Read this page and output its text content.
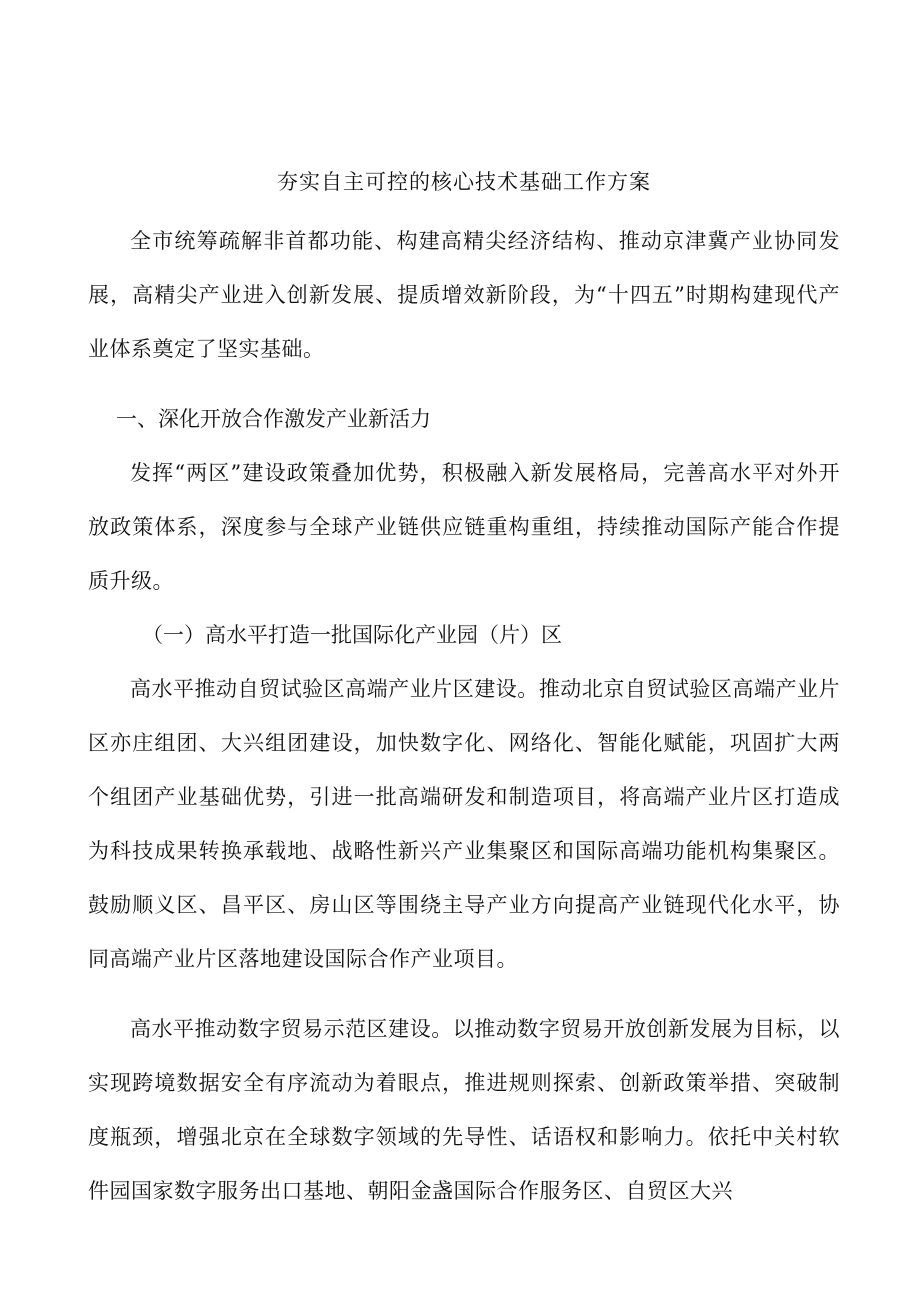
夯实自主可控的核心技术基础工作方案

全市统筹疏解非首都功能、构建高精尖经济结构、推动京津冀产业协同发展，高精尖产业进入创新发展、提质增效新阶段，为“十四五”时期构建现代产业体系奠定了坚实基础。

一、深化开放合作激发产业新活力

发挥“两区”建设政策叠加优势，积极融入新发展格局，完善高水平对外开放政策体系，深度参与全球产业链供应链重构重组，持续推动国际产能合作提质升级。

（一）高水平打造一批国际化产业园（片）区

高水平推动自贸试验区高端产业片区建设。推动北京自贸试验区高端产业片区亦庄组团、大兴组团建设，加快数字化、网络化、智能化赋能，巩固扩大两个组团产业基础优势，引进一批高端研发和制造项目，将高端产业片区打造成为科技成果转换承载地、战略性新兴产业集聚区和国际高端功能机构集聚区。鼓励顺义区、昌平区、房山区等围绕主导产业方向提高产业链现代化水平，协同高端产业片区落地建设国际合作产业项目。

高水平推动数字贸易示范区建设。以推动数字贸易开放创新发展为目标，以实现跨境数据安全有序流动为着眼点，推进规则探索、创新政策举措、突破制度瓶颈，增强北京在全球数字领域的先导性、话语权和影响力。依托中关村软件园国家数字服务出口基地、朝阳金盏国际合作服务区、自贸区大兴
